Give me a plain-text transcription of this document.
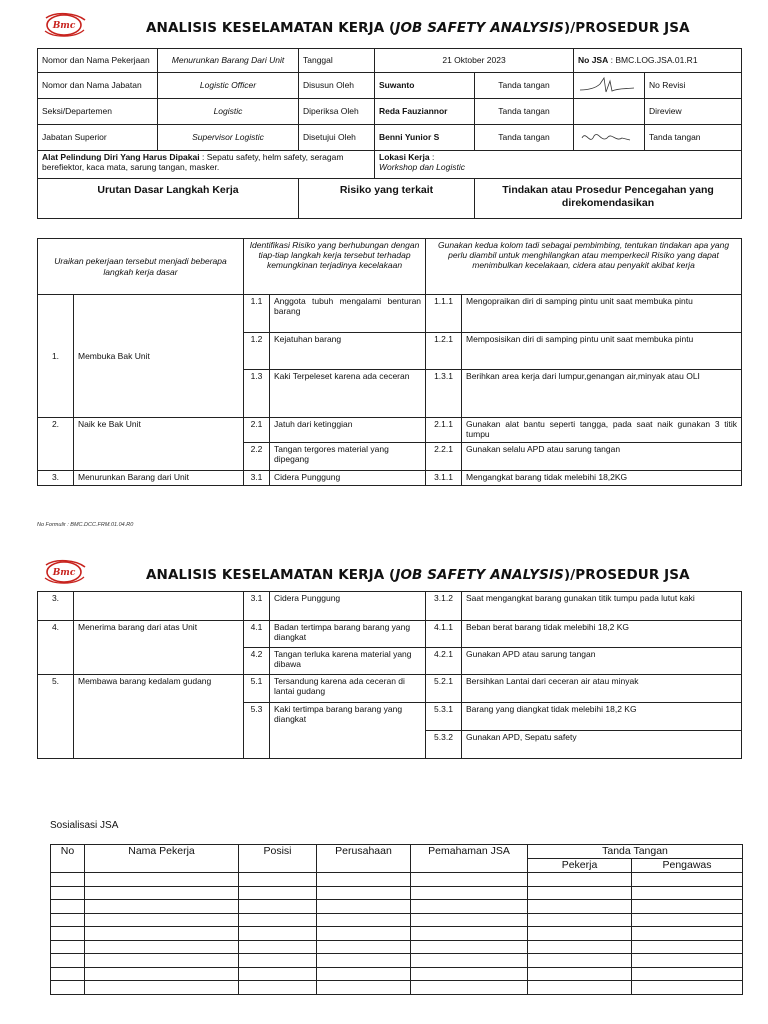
Bmc	ANALISIS KESELAMATAN KERJA (JOB SAFETY ANALYSIS)/PROSEDUR JSA
Nomor dan Nama Pekerjaan	Menurunkan Barang Dari Unit	Tanggal	21 Oktober 2023		No JSA : BMC.LOG.JSA.01.R1		
Nomor dan Nama Jabatan	Logistic Officer	Disusun Oleh	Suwanto	Tanda tangan		No Revisi	
Seksi/Departemen	Logistic	Diperiksa Oleh	Reda Fauziannor	Tanda tangan		Direview	
Jabatan Superior	Supervisor Logistic	Disetujui Oleh	Benni Yunior S	Tanda tangan		Tanda tangan	

Alat Pelindung Diri Yang Harus Dipakai : Sepatu safety, helm safety, seragam berefiektor, kaca mata, sarung tangan, masker.			Lokasi Kerja :
Workshop dan Logistic				
Urutan Dasar Langkah Kerja		Risiko yang terkait		Tindakan atau Prosedur Pencegahan yang direkomendasikan			
Uraikan pekerjaan tersebut menjadi beberapa langkah kerja dasar		Identifikasi Risiko yang berhubungan dengan tiap-tiap langkah kerja tersebut terhadap kemungkinan terjadinya kecelakaan		Gunakan kedua kolom tadi sebagai pembimbing, tentukan tindakan apa yang perlu diambil untuk menghilangkan atau memperkecil Risiko yang dapat menimbulkan kecelakaan, cidera atau penyakit akibat kerja	
1.	Membuka Bak Unit	1.1	Anggota tubuh mengalami benturan barang	1.1.1	Mengopraikan diri di samping pintu unit saat membuka pintu
		1.2	Kejatuhan barang	1.2.1	Memposisikan diri di samping pintu unit saat membuka pintu
		1.3	Kaki Terpeleset karena ada ceceran	1.3.1	Berihkan area kerja dari lumpur,genangan air,minyak atau OLI
2.	Naik ke Bak Unit	2.1	Jatuh dari ketinggian	2.1.1	Gunakan alat bantu seperti tangga, pada saat naik gunakan 3 titik tumpu
		2.2	Tangan tergores material yang dipegang	2.2.1	Gunakan selalu APD atau sarung tangan
3.	Menurunkan Barang dari Unit	3.1	Cidera Punggung	3.1.1	Mengangkat barang tidak melebihi 18,2KG
No Formulir : BMC.DCC.FRM.01.04.R0
Bmc	ANALISIS KESELAMATAN KERJA (JOB SAFETY ANALYSIS)/PROSEDUR JSA
3.		3.1	Cidera Punggung	3.1.2	Saat mengangkat barang gunakan titik tumpu pada lutut kaki
4.	Menerima barang dari atas Unit	4.1	Badan tertimpa barang barang yang diangkat	4.1.1	Beban berat barang tidak melebihi 18,2 KG
		4.2	Tangan terluka karena material yang dibawa	4.2.1	Gunakan APD atau sarung tangan
5.	Membawa barang kedalam gudang	5.1	Tersandung karena ada ceceran di lantai gudang	5.2.1	Bersihkan Lantai dari ceceran air atau minyak
		5.3	Kaki tertimpa barang barang yang diangkat	5.3.1	Barang yang diangkat tidak melebihi 18,2 KG
				5.3.2	Gunakan APD, Sepatu safety
Sosialisasi JSA
No	Nama Pekerja	Posisi	Perusahaan	Pemahaman JSA	Tanda Tangan	
					Pekerja	Pengawas
